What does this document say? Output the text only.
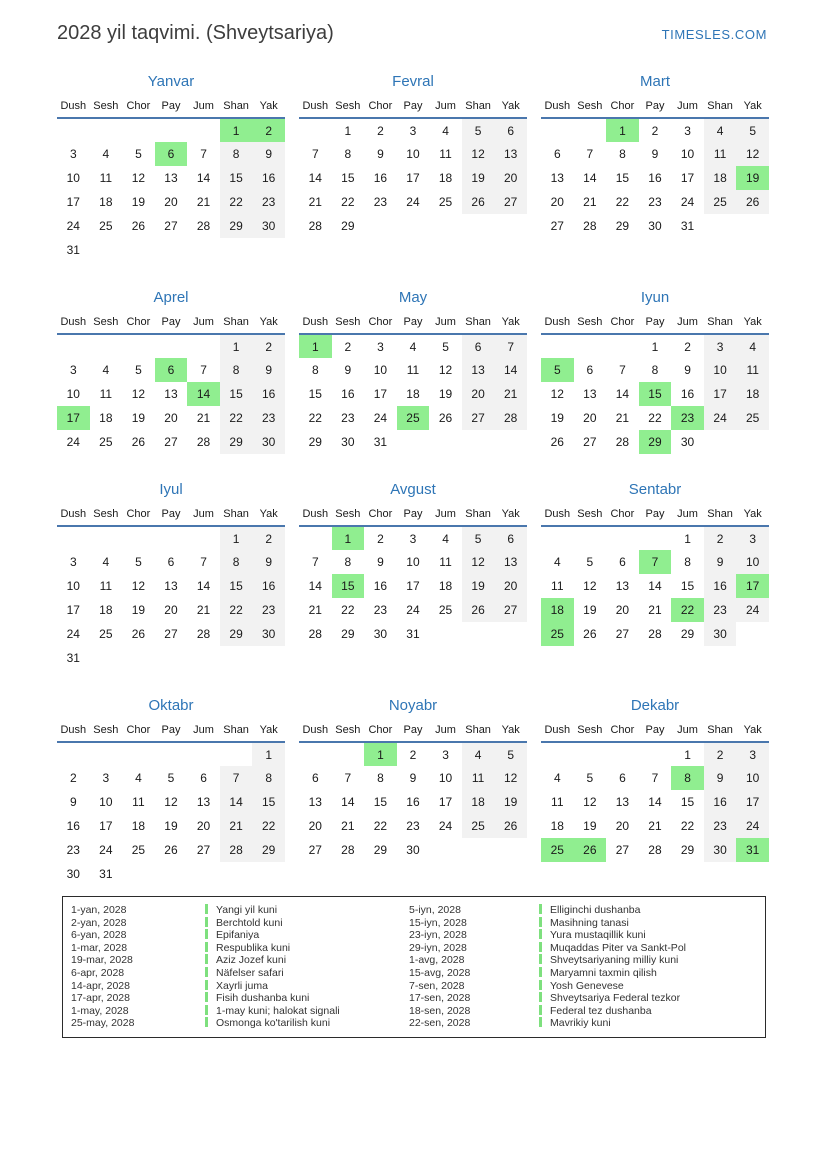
2028 yil taqvimi. (Shveytsariya)	TIMESLES.COM
Yanvar
Dush	Sesh	Chor	Pay	Jum	Shan	Yak
					1	2
3	4	5	6	7	8	9
10	11	12	13	14	15	16
17	18	19	20	21	22	23
24	25	26	27	28	29	30
31						
Fevral
Dush	Sesh	Chor	Pay	Jum	Shan	Yak
	1	2	3	4	5	6
7	8	9	10	11	12	13
14	15	16	17	18	19	20
21	22	23	24	25	26	27
28	29					
Mart
Dush	Sesh	Chor	Pay	Jum	Shan	Yak
		1	2	3	4	5
6	7	8	9	10	11	12
13	14	15	16	17	18	19
20	21	22	23	24	25	26
27	28	29	30	31		
Aprel
Dush	Sesh	Chor	Pay	Jum	Shan	Yak
					1	2
3	4	5	6	7	8	9
10	11	12	13	14	15	16
17	18	19	20	21	22	23
24	25	26	27	28	29	30
May
Dush	Sesh	Chor	Pay	Jum	Shan	Yak
1	2	3	4	5	6	7
8	9	10	11	12	13	14
15	16	17	18	19	20	21
22	23	24	25	26	27	28
29	30	31				
Iyun
Dush	Sesh	Chor	Pay	Jum	Shan	Yak
			1	2	3	4
5	6	7	8	9	10	11
12	13	14	15	16	17	18
19	20	21	22	23	24	25
26	27	28	29	30		
Iyul
Dush	Sesh	Chor	Pay	Jum	Shan	Yak
					1	2
3	4	5	6	7	8	9
10	11	12	13	14	15	16
17	18	19	20	21	22	23
24	25	26	27	28	29	30
31						
Avgust
Dush	Sesh	Chor	Pay	Jum	Shan	Yak
	1	2	3	4	5	6
7	8	9	10	11	12	13
14	15	16	17	18	19	20
21	22	23	24	25	26	27
28	29	30	31			
Sentabr
Dush	Sesh	Chor	Pay	Jum	Shan	Yak
				1	2	3
4	5	6	7	8	9	10
11	12	13	14	15	16	17
18	19	20	21	22	23	24
25	26	27	28	29	30	
Oktabr
Dush	Sesh	Chor	Pay	Jum	Shan	Yak
						1
2	3	4	5	6	7	8
9	10	11	12	13	14	15
16	17	18	19	20	21	22
23	24	25	26	27	28	29
30	31					
Noyabr
Dush	Sesh	Chor	Pay	Jum	Shan	Yak
		1	2	3	4	5
6	7	8	9	10	11	12
13	14	15	16	17	18	19
20	21	22	23	24	25	26
27	28	29	30			
Dekabr
Dush	Sesh	Chor	Pay	Jum	Shan	Yak
				1	2	3
4	5	6	7	8	9	10
11	12	13	14	15	16	17
18	19	20	21	22	23	24
25	26	27	28	29	30	31
1-yan, 2028	Yangi yil kuni	5-iyn, 2028	Elliginchi dushanba
2-yan, 2028	Berchtold kuni	15-iyn, 2028	Masihning tanasi
6-yan, 2028	Epifaniya	23-iyn, 2028	Yura mustaqillik kuni
1-mar, 2028	Respublika kuni	29-iyn, 2028	Muqaddas Piter va Sankt-Pol
19-mar, 2028	Aziz Jozef kuni	1-avg, 2028	Shveytsariyaning milliy kuni
6-apr, 2028	Näfelser safari	15-avg, 2028	Maryamni taxmin qilish
14-apr, 2028	Xayrli juma	7-sen, 2028	Yosh Genevese
17-apr, 2028	Fisih dushanba kuni	17-sen, 2028	Shveytsariya Federal tezkor
1-may, 2028	1-may kuni; halokat signali	18-sen, 2028	Federal tez dushanba
25-may, 2028	Osmonga ko'tarilish kuni	22-sen, 2028	Mavrikiy kuni
